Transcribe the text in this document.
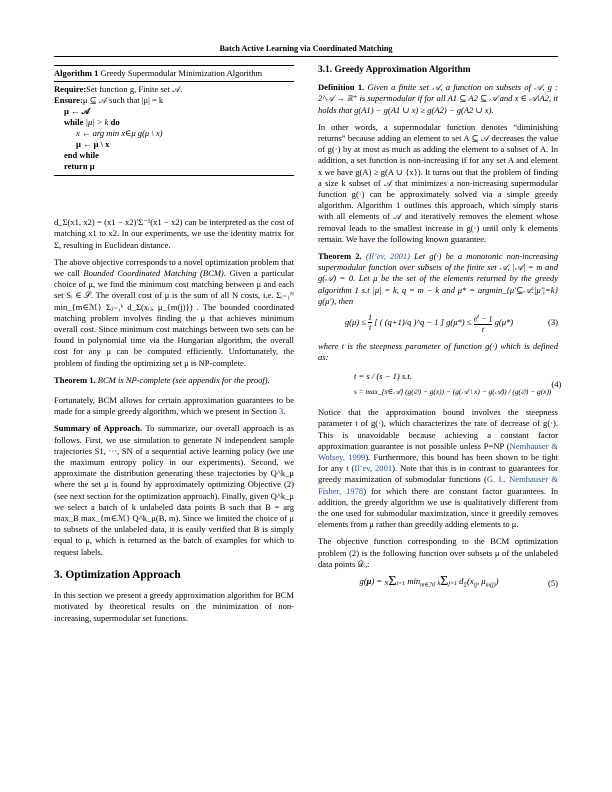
Batch Active Learning via Coordinated Matching
Algorithm 1 Greedy Supermodular Minimization Algorithm
Require:Set function g, Finite set 𝒜.
Ensure:μ ⊆ 𝒜 such that |μ| = k
μ ← 𝒜
while |μ| > k do
x ← arg min x∈μ g(μ \ x)
μ ← μ \ x
end while
return μ

d_Σ(x1, x2) = (x1 − x2)′Σ⁻¹(x1 − x2) can be interpreted as the cost of matching x1 to x2. In our experiments, we use the identity matrix for Σ, resulting in Euclidean distance.

The above objective corresponds to a novel optimization problem that we call Bounded Coordinated Matching (BCM). Given a particular choice of μ, we find the minimum cost matching between μ and each set Sᵢ ∈ 𝒮. The overall cost of μ is the sum of all N costs, i.e. Σᵢ₌₁ᴺ min_{m∈ℳ} Σⱼ₌₁ᵏ d_Σ(xᵢⱼ, μ_{m(j)}) . The bounded coordinated matching problem involves finding the μ that achieves minimum overall cost. Since minimum cost matchings between two sets can be found in polynomial time via the Hungarian algorithm, the overall cost for any μ can be computed efficiently. Unfortunately, the problem of finding the optimizing set μ is NP-complete.

Theorem 1. BCM is NP-complete (see appendix for the proof).

Fortunately, BCM allows for certain approximation guarantees to be made for a simple greedy algorithm, which we present in Section 3.

Summary of Approach. To summarize, our overall approach is as follows. First, we use simulation to generate N independent sample trajectories S1, ···, SN of a sequential active learning policy (we use the maximum entropy policy in our experiments). Second, we approximate the distribution generating these trajectories by Q^k_μ where the set μ is found by approximately optimizing Objective (2) (see next section for the optimization approach). Finally, given Q^k_μ we select a batch of k unlabeled data points B such that B = arg max_B max_{m∈ℳ} Q^k_μ(B, m). Since we limited the choice of μ to subsets of the unlabeled data, it is easily verified that B is simply equal to μ, which is returned as the batch of examples for which to request labels.

3. Optimization Approach

In this section we present a greedy approximation algorithm for BCM motivated by theoretical results on the minimization of non-increasing, supermodular set functions.

3.1. Greedy Approximation Algorithm

Definition 1. Given a finite set 𝒜, a function on subsets of 𝒜, g : 2^𝒜 → ℝ⁺ is supermodular if for all A1 ⊆ A2 ⊆ 𝒜 and x ∈ 𝒜\A2, it holds that g(A1) − g(A1 ∪ x) ≥ g(A2) − g(A2 ∪ x).

In other words, a supermodular function denotes “diminishing returns” because adding an element to set A ⊆ 𝒜 decreases the value of g(·) by at most as much as adding the element to a subset of A. In addition, a set function is non-increasing if for any set A and element x we have g(A) ≥ g(A ∪ {x}). It turns out that the problem of finding a size k subset of 𝒜 that minimizes a non-increasing supermodular function g(·) can be approximately solved via a simple greedy algorithm. Algorithm 1 outlines this approach, which simply starts with all elements of 𝒜 and iteratively removes the element whose removal leads to the smallest increase in g(·) until only k elements remain. We have the following known guarantee.

Theorem 2. (Il’ev, 2001) Let g(·) be a monotonic non-increasing supermodular function over subsets of the finite set 𝒜, |𝒜| = m and g(𝒜) = 0. Let μ be the set of the elements returned by the greedy algorithm 1 s.t |μ| = k, q = m − k and μ* = argmin_{μ′⊆𝒜:|μ′|=k} g(μ′), then

$g(\mu) \le \frac{1}{t}$ [ ( (q+1)/q )^q − 1 ] $g(\mu*) \le \frac{e^t - 1}{t} g(\mu*)$	(3)

where t is the steepness parameter of function g(·) which is defined as:

t = s / (s − 1) s.t.
s = max_{x∈𝒜} (g(∅) − g(x)) − (g(𝒜 \ x) − g(𝒜)) / (g(∅) − g(x))
(4)

Notice that the approximation bound involves the steepness parameter t of g(·), which characterizes the rate of decrease of g(·). This is unavoidable because achieving a constant factor approximation guarantee is not possible unless P=NP (Nemhauser & Wolsey, 1999). Furthermore, this bound has been shown to be tight for any t (Il’ev, 2001). Note that this is in contrast to guarantees for greedy maximization of submodular functions (G. L. Nemhauser & Fisher, 1978) for which there are constant factor guarantees. In addition, the greedy algorithm we use is qualitatively different from the one used for submodular maximization, since it greedily removes elements from μ rather than greedily adding elements to μ.

The objective function corresponding to the BCM optimization problem (2) is the following function over subsets μ of the unlabeled data points 𝒟ᵤ:

g(μ) = NΣi=1 $\min_{m\in ℳ} k\Sigma j=1$ $d_\Sigma(x_{ij}$, $\mu_{m(j)}$)	(5)
